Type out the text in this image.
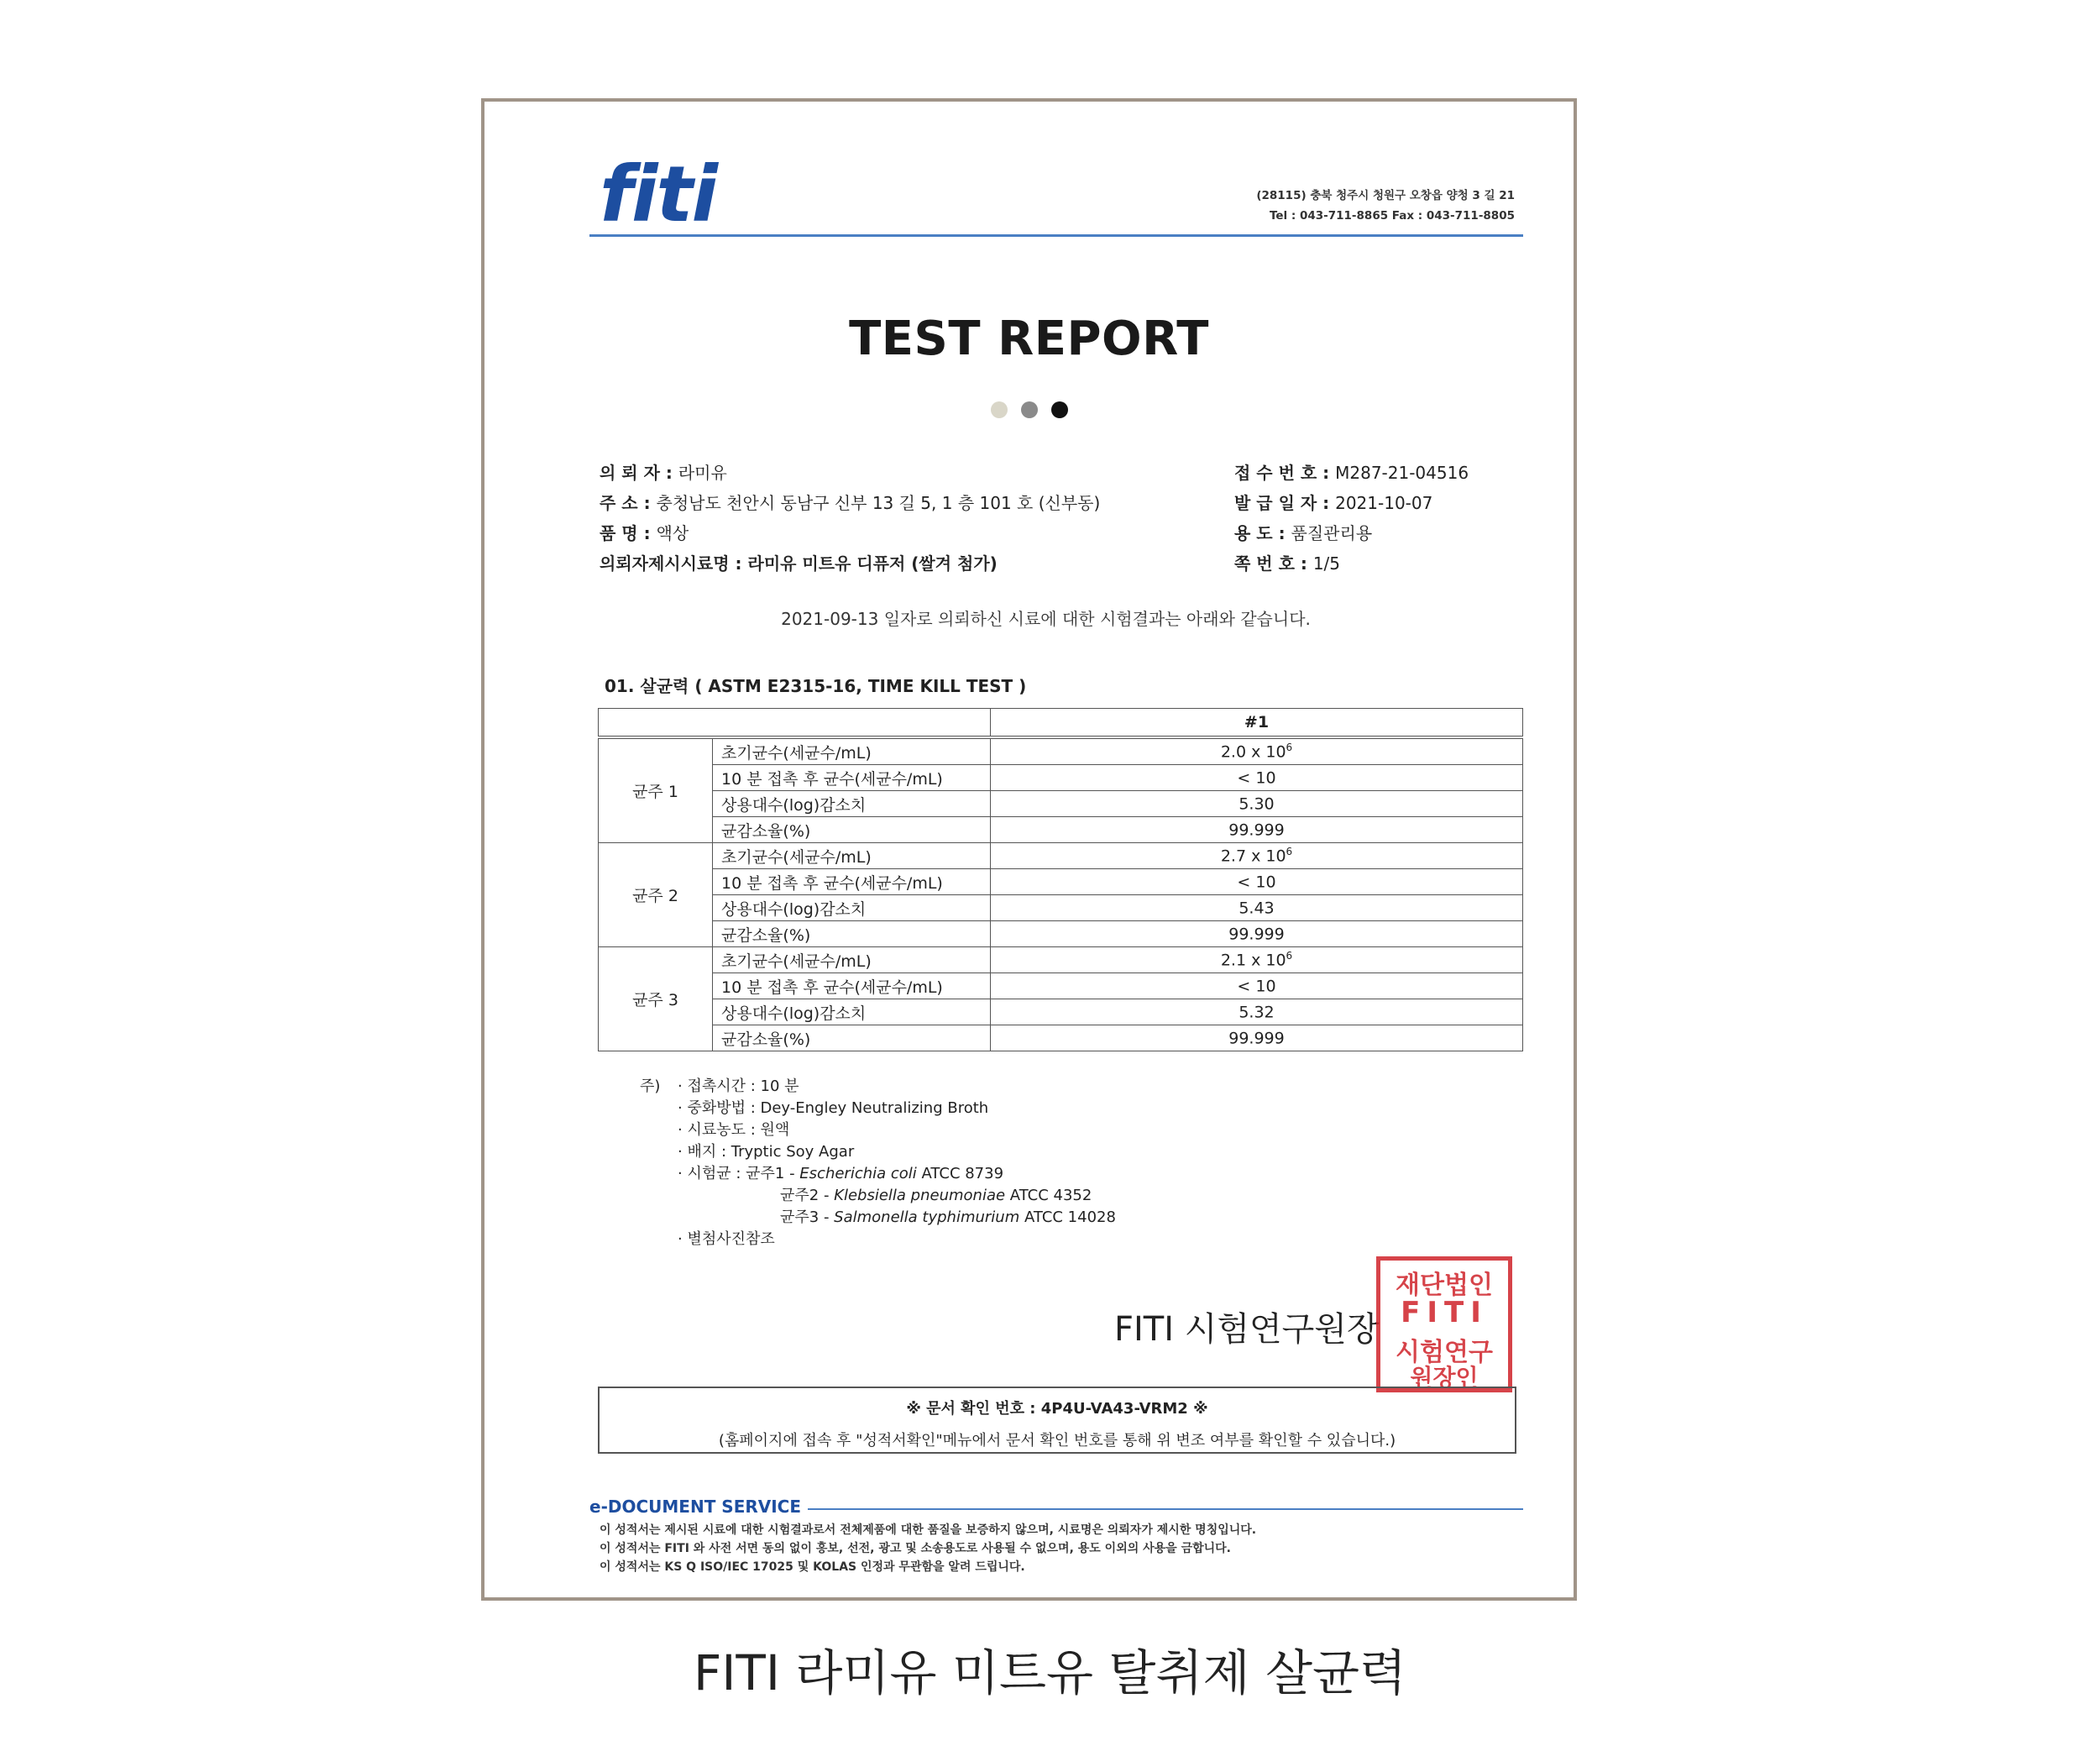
fiti	(28115) 충북 청주시 청원구 오창읍 양청 3 길 21
Tel : 043-711-8865 Fax : 043-711-8805
TEST REPORT
의 뢰 자 : 라미유
주 소 : 충청남도 천안시 동남구 신부 13 길 5, 1 층 101 호 (신부동)
품 명 : 액상
의뢰자제시시료명 : 라미유 미트유 디퓨저 (쌀겨 첨가)
접 수 번 호 : M287-21-04516
발 급 일 자 : 2021-10-07
용 도 : 품질관리용
쪽 번 호 : 1/5
2021-09-13 일자로 의뢰하신 시료에 대한 시험결과는 아래와 같습니다.
01. 살균력 ( ASTM E2315-16, TIME KILL TEST )
		#1
균주 1	초기균수(세균수/mL)	2.0 x $10^6$
	10 분 접촉 후 균수(세균수/mL)	< 10
	상용대수(log)감소치	5.30
	균감소율(%)	99.999
균주 2	초기균수(세균수/mL)	2.7 x $10^6$
	10 분 접촉 후 균수(세균수/mL)	< 10
	상용대수(log)감소치	5.43
	균감소율(%)	99.999
균주 3	초기균수(세균수/mL)	2.1 x $10^6$
	10 분 접촉 후 균수(세균수/mL)	< 10
	상용대수(log)감소치	5.32
	균감소율(%)	99.999
주) · 접촉시간 : 10 분
· 중화방법 : Dey-Engley Neutralizing Broth
· 시료농도 : 원액
· 배지 : Tryptic Soy Agar
· 시험균 : 균주1 - Escherichia coli ATCC 8739
균주2 - Klebsiella pneumoniae ATCC 4352
균주3 - Salmonella typhimurium ATCC 14028
· 별첨사진참조
FITI 시험연구원장
재단법인
FITI
시험연구
원장인
※ 문서 확인 번호 : 4P4U-VA43-VRM2 ※
(홈페이지에 접속 후 "성적서확인"메뉴에서 문서 확인 번호를 통해 위 변조 여부를 확인할 수 있습니다.)
e-DOCUMENT SERVICE
이 성적서는 제시된 시료에 대한 시험결과로서 전체제품에 대한 품질을 보증하지 않으며, 시료명은 의뢰자가 제시한 명칭입니다.
이 성적서는 FITI 와 사전 서면 동의 없이 홍보, 선전, 광고 및 소송용도로 사용될 수 없으며, 용도 이외의 사용을 금합니다.
이 성적서는 KS Q ISO/IEC 17025 및 KOLAS 인정과 무관함을 알려 드립니다.
FITI 라미유 미트유 탈취제 살균력
